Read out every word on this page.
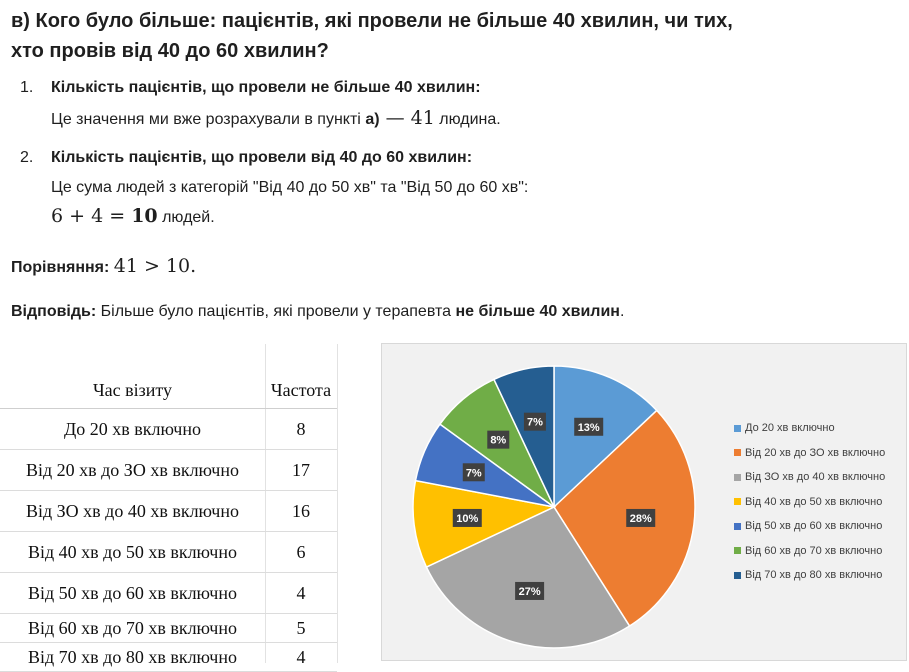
в) Кого було більше: пацієнтів, які провели не більше 40 хвилин, чи тих,
хто провів від 40 до 60 хвилин?
1. Кількість пацієнтів, що провели не більше 40 хвилин:
Це значення ми вже розрахували в пункті а) — 41 людина.
2. Кількість пацієнтів, що провели від 40 до 60 хвилин:
Це сума людей з категорій "Від 40 до 50 хв" та "Від 50 до 60 хв":
6 + 4 = 10 людей.
Порівняння: 41 > 10.
Відповідь: Більше було пацієнтів, які провели у терапевта не більше 40 хвилин.
Час візиту	Частота
До 20 хв включно	8
Від 20 хв до ЗО хв включно	17
Від ЗО хв до 40 хв включно	16
Від 40 хв до 50 хв включно	6
Від 50 хв до 60 хв включно	4
Від 60 хв до 70 хв включно	5
Від 70 хв до 80 хв включно	4
13%
28%
27%
10%
7%
8%
7%	До 20 хв включно
Від 20 хв до ЗО хв включно
Від ЗО хв до 40 хв включно
Від 40 хв до 50 хв включно
Від 50 хв до 60 хв включно
Від 60 хв до 70 хв включно
Від 70 хв до 80 хв включно
